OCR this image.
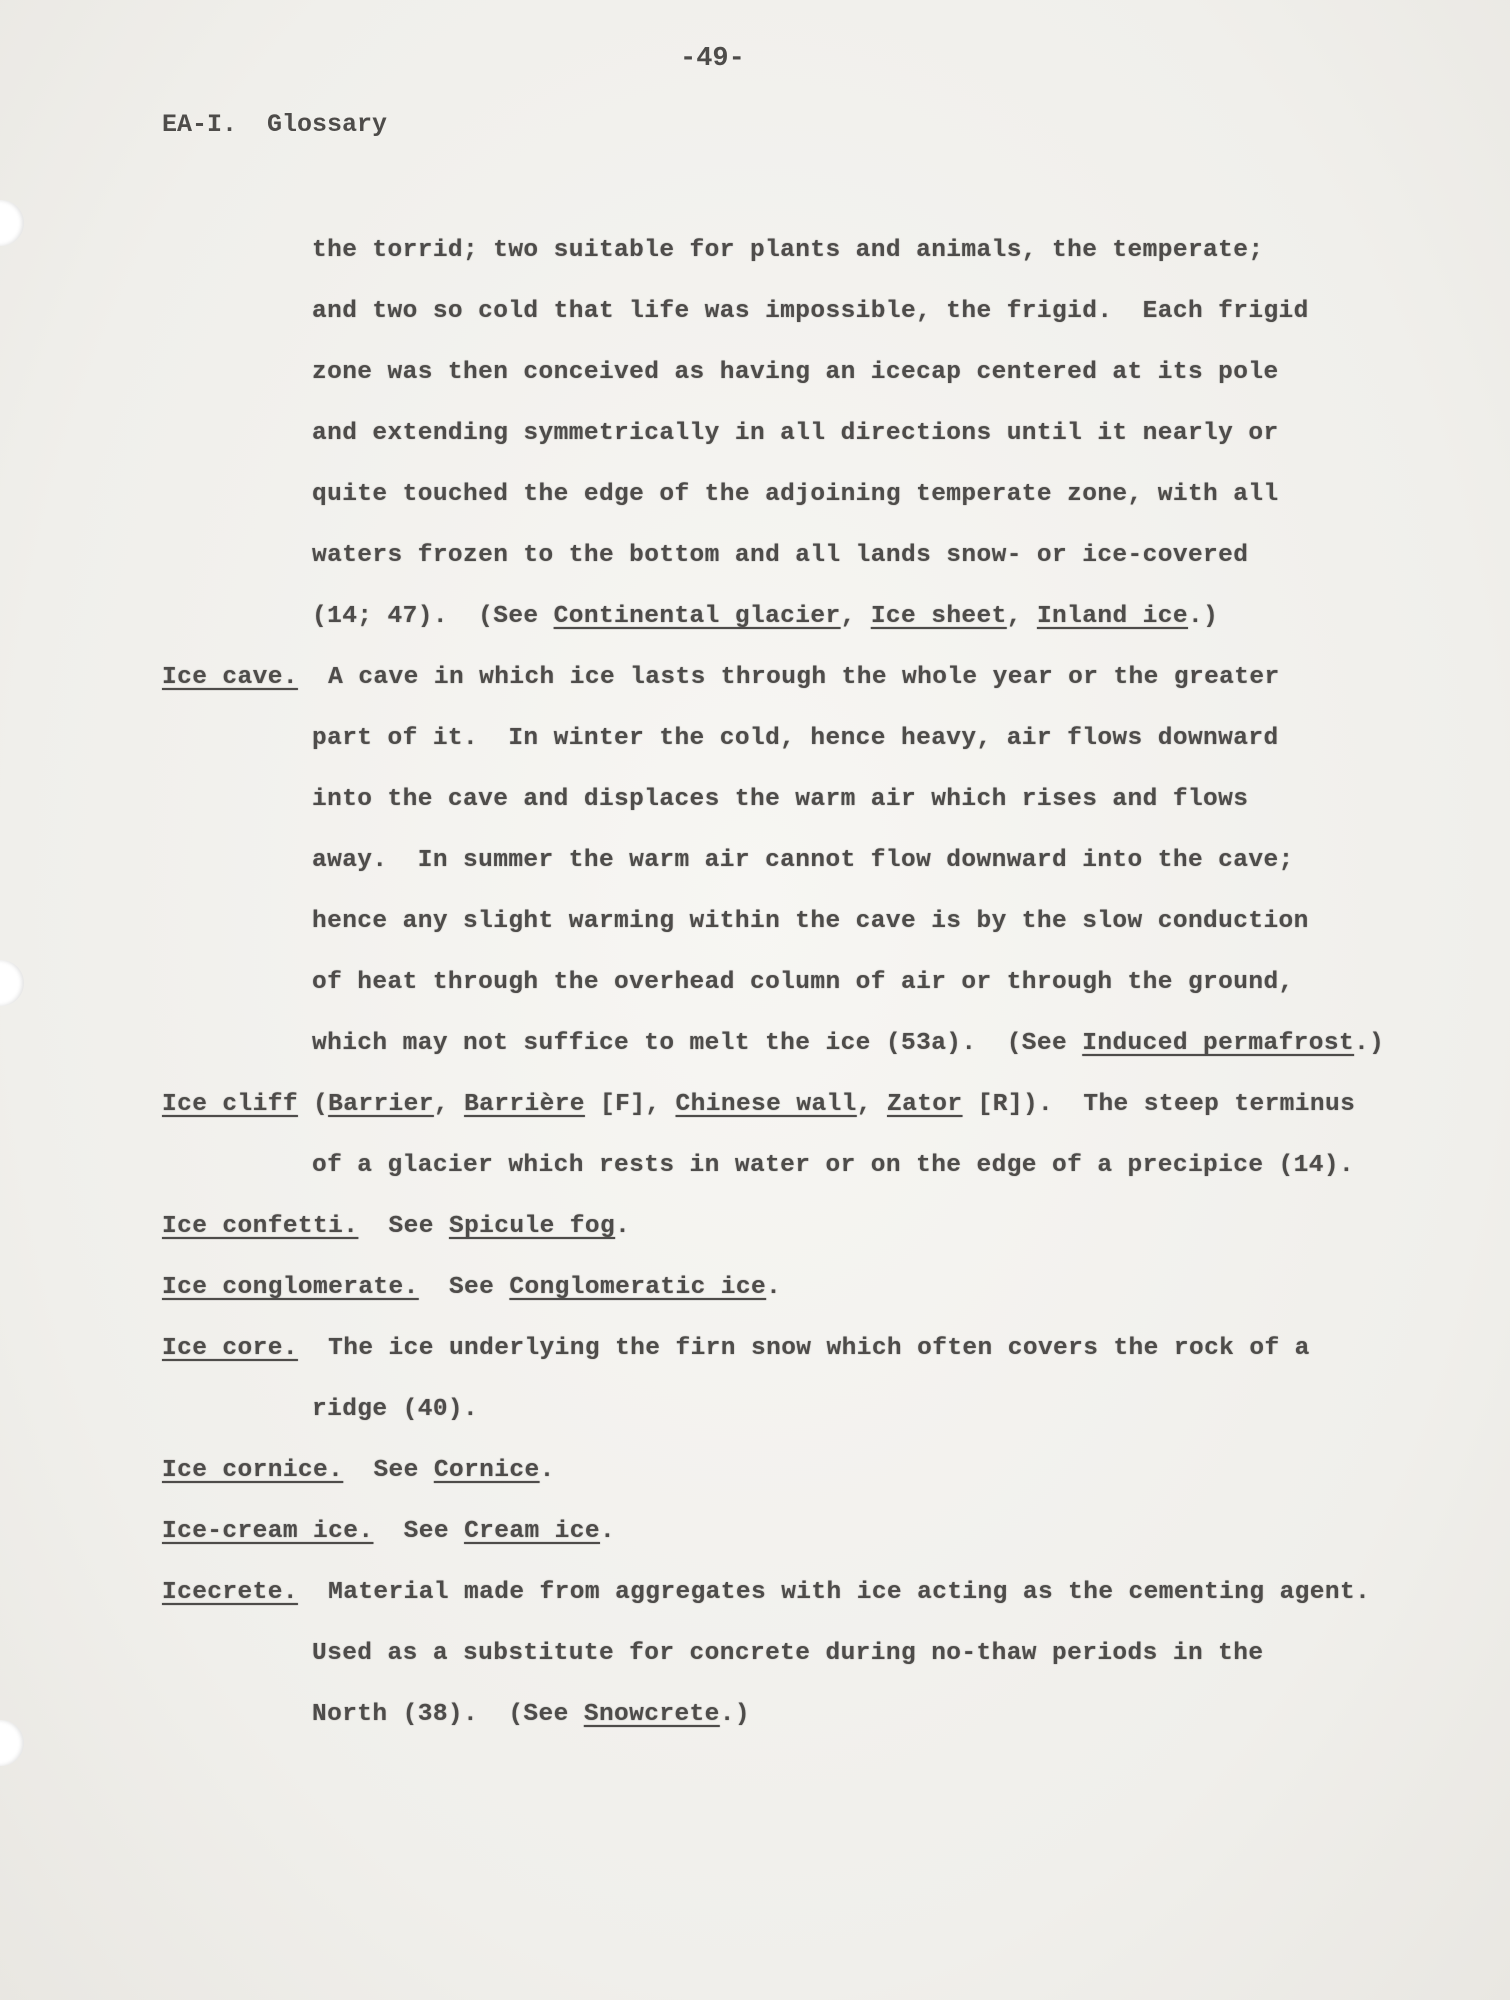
-49-
EA-I.  Glossary
the torrid; two suitable for plants and animals, the temperate;
and two so cold that life was impossible, the frigid.  Each frigid
zone was then conceived as having an icecap centered at its pole
and extending symmetrically in all directions until it nearly or
quite touched the edge of the adjoining temperate zone, with all
waters frozen to the bottom and all lands snow- or ice-covered
(14; 47).  (See Continental glacier, Ice sheet, Inland ice.)
Ice cave.  A cave in which ice lasts through the whole year or the greater
part of it.  In winter the cold, hence heavy, air flows downward
into the cave and displaces the warm air which rises and flows
away.  In summer the warm air cannot flow downward into the cave;
hence any slight warming within the cave is by the slow conduction
of heat through the overhead column of air or through the ground,
which may not suffice to melt the ice (53a).  (See Induced permafrost.)
Ice cliff (Barrier, Barrière [F], Chinese wall, Zator [R]).  The steep terminus
of a glacier which rests in water or on the edge of a precipice (14).
Ice confetti.  See Spicule fog.
Ice conglomerate.  See Conglomeratic ice.
Ice core.  The ice underlying the firn snow which often covers the rock of a
ridge (40).
Ice cornice.  See Cornice.
Ice-cream ice.  See Cream ice.
Icecrete.  Material made from aggregates with ice acting as the cementing agent.
Used as a substitute for concrete during no-thaw periods in the
North (38).  (See Snowcrete.)
